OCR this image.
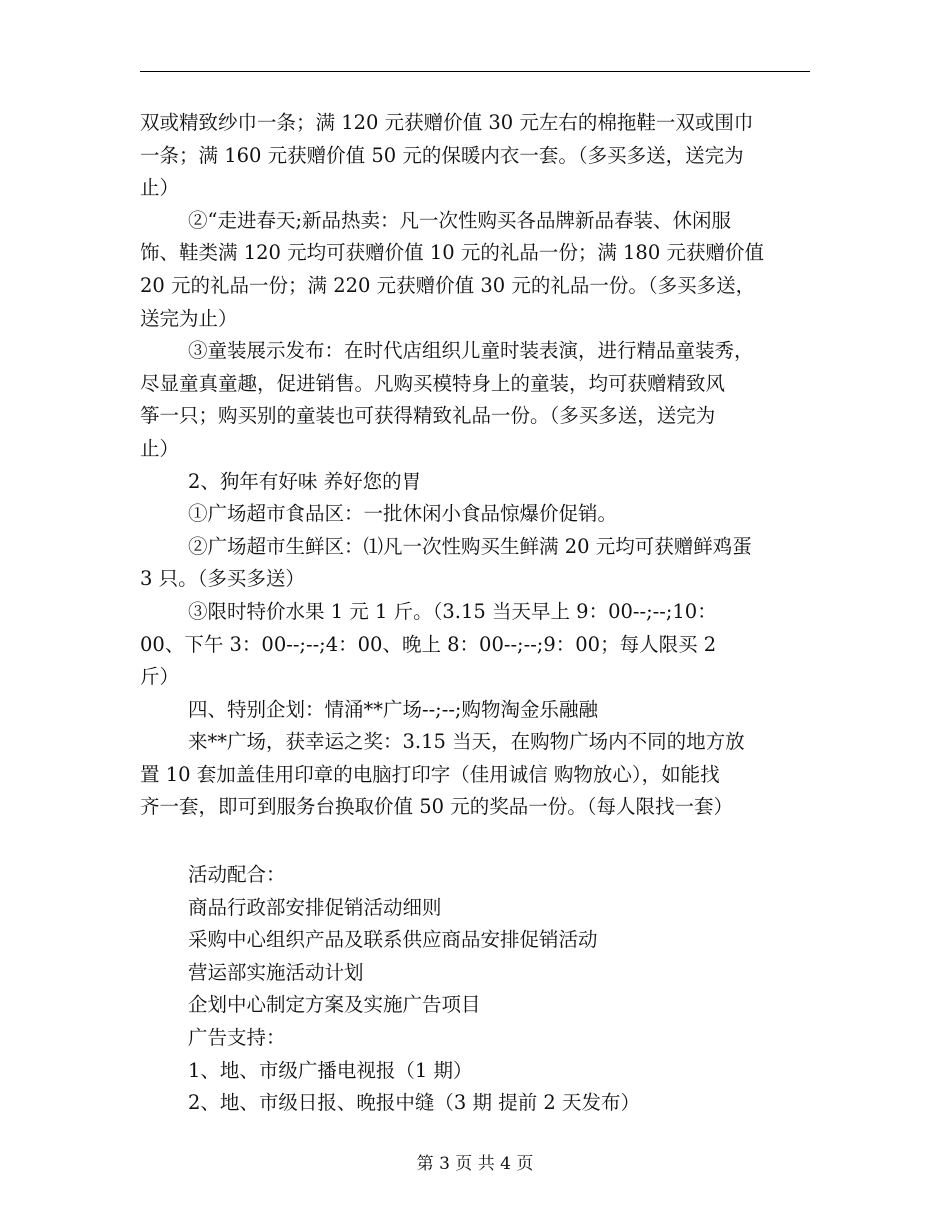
双或精致纱巾一条；满 120 元获赠价值 30 元左右的棉拖鞋一双或围巾
一条；满 160 元获赠价值 50 元的保暖内衣一套。（多买多送，送完为
止）
②“走进春天;新品热卖：凡一次性购买各品牌新品春装、休闲服
饰、鞋类满 120 元均可获赠价值 10 元的礼品一份；满 180 元获赠价值
20 元的礼品一份；满 220 元获赠价值 30 元的礼品一份。（多买多送，
送完为止）
③童装展示发布：在时代店组织儿童时装表演，进行精品童装秀，
尽显童真童趣，促进销售。凡购买模特身上的童装，均可获赠精致风
筝一只；购买别的童装也可获得精致礼品一份。（多买多送，送完为
止）
2、狗年有好味 养好您的胃
①广场超市食品区：一批休闲小食品惊爆价促销。
②广场超市生鲜区：⑴凡一次性购买生鲜满 20 元均可获赠鲜鸡蛋
3 只。（多买多送）
③限时特价水果 1 元 1 斤。（3.15 当天早上 9：00--;--;10：
00、下午 3：00--;--;4：00、晚上 8：00--;--;9：00；每人限买 2
斤）
四、特别企划：情涌**广场--;--;购物淘金乐融融
来**广场，获幸运之奖：3.15 当天，在购物广场内不同的地方放
置 10 套加盖佳用印章的电脑打印字（佳用诚信 购物放心），如能找
齐一套，即可到服务台换取价值 50 元的奖品一份。（每人限找一套）
活动配合：
商品行政部安排促销活动细则
采购中心组织产品及联系供应商品安排促销活动
营运部实施活动计划
企划中心制定方案及实施广告项目
广告支持：
1、地、市级广播电视报（1 期）
2、地、市级日报、晚报中缝（3 期 提前 2 天发布）
第 3 页 共 4 页
